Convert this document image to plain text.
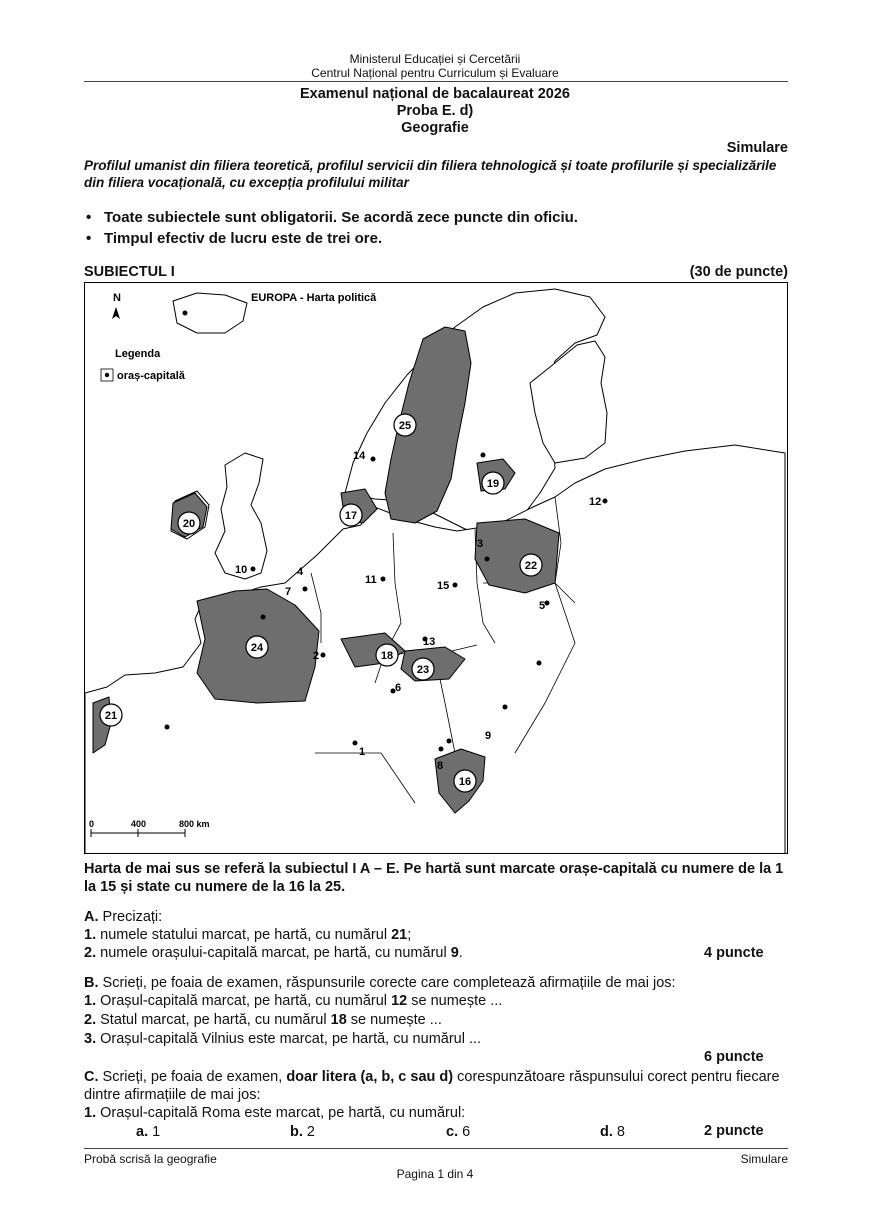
Ministerul Educației și Cercetării
Centrul Național pentru Curriculum și Evaluare
Examenul național de bacalaureat 2026
Proba E. d)
Geografie
Simulare
Profilul umanist din filiera teoretică, profilul servicii din filiera tehnologică și toate profilurile și specializările din filiera vocațională, cu excepția profilului militar
• Toate subiectele sunt obligatorii. Se acordă zece puncte din oficiu.
• Timpul efectiv de lucru este de trei ore.
SUBIECTUL I	(30 de puncte)
EUROPA - Harta politică
N
Legenda
oraș-capitală
1
2
3
4
5
6
7
8
9
10
11
12
13
14
15
16
17
18
19
20
21
22
23
24
25
0	400	800 km
Harta de mai sus se referă la subiectul I A – E. Pe hartă sunt marcate orașe-capitală cu numere de la 1 la 15 și state cu numere de la 16 la 25.
A. Precizați:
1. numele statului marcat, pe hartă, cu numărul 21;
2. numele orașului-capitală marcat, pe hartă, cu numărul 9.	4 puncte
B. Scrieți, pe foaia de examen, răspunsurile corecte care completează afirmațiile de mai jos:
1. Orașul-capitală marcat, pe hartă, cu numărul 12 se numește ...
2. Statul marcat, pe hartă, cu numărul 18 se numește ...
3. Orașul-capitală Vilnius este marcat, pe hartă, cu numărul ...
6 puncte
C. Scrieți, pe foaia de examen, doar litera (a, b, c sau d) corespunzătoare răspunsului corect pentru fiecare dintre afirmațiile de mai jos:
1. Orașul-capitală Roma este marcat, pe hartă, cu numărul:
a. 1	b. 2	c. 6	d. 8	2 puncte
Probă scrisă la geografie
Pagina 1 din 4
Simulare
